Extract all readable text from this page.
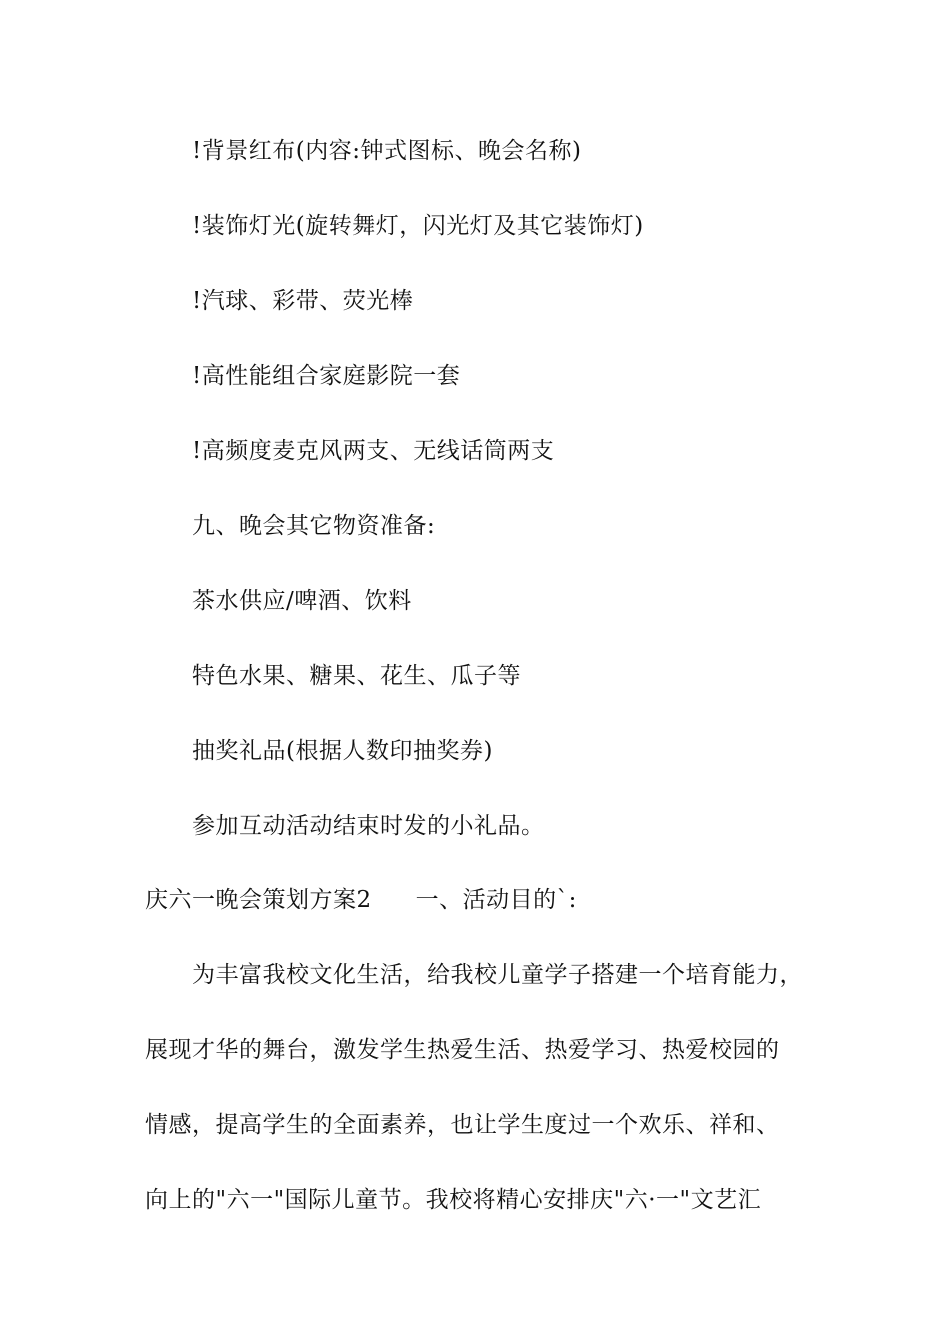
!背景红布(内容:钟式图标、晚会名称)
!装饰灯光(旋转舞灯，闪光灯及其它装饰灯)
!汽球、彩带、荧光棒
!高性能组合家庭影院一套
!高频度麦克风两支、无线话筒两支
九、晚会其它物资准备:
茶水供应/啤酒、饮料
特色水果、糖果、花生、瓜子等
抽奖礼品(根据人数印抽奖券)
参加互动活动结束时发的小礼品。
庆六一晚会策划方案2 一、活动目的`:
为丰富我校文化生活，给我校儿童学子搭建一个培育能力，
展现才华的舞台，激发学生热爱生活、热爱学习、热爱校园的
情感，提高学生的全面素养，也让学生度过一个欢乐、祥和、
向上的"六一"国际儿童节。我校将精心安排庆"六·一"文艺汇
